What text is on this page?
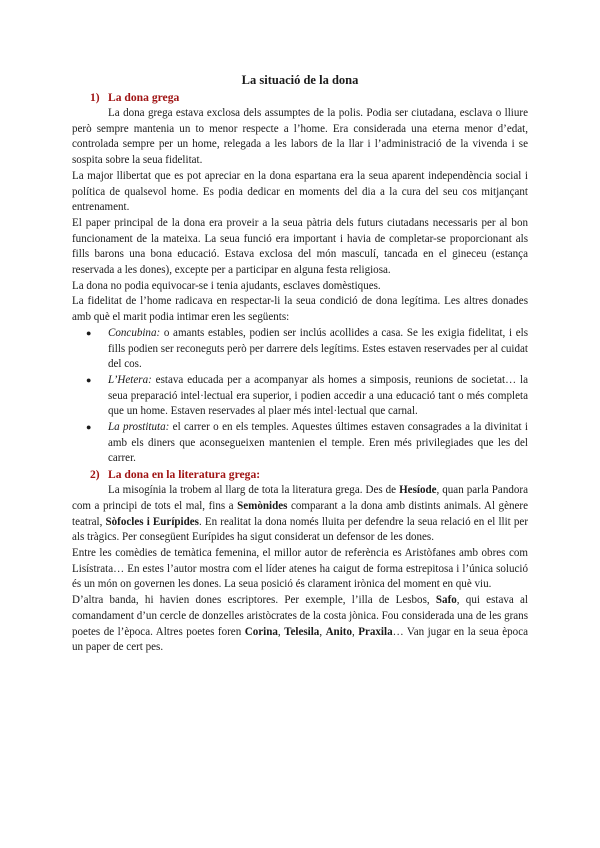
La situació de la dona
1) La dona grega

La dona grega estava exclosa dels assumptes de la polis. Podia ser ciutadana, esclava o lliure però sempre mantenia un to menor respecte a l’home. Era considerada una eterna menor d’edat, controlada sempre per un home, relegada a les labors de la llar i l’administració de la vivenda i se sospita sobre la seua fidelitat.

La major llibertat que es pot apreciar en la dona espartana era la seua aparent independència social i política de qualsevol home. Es podia dedicar en moments del dia a la cura del seu cos mitjançant entrenament.

El paper principal de la dona era proveir a la seua pàtria dels futurs ciutadans necessaris per al bon funcionament de la mateixa. La seua funció era important i havia de completar-se proporcionant als fills barons una bona educació. Estava exclosa del món masculí, tancada en el gineceu (estança reservada a les dones), excepte per a participar en alguna festa religiosa.

La dona no podia equivocar-se i tenia ajudants, esclaves domèstiques.

La fidelitat de l’home radicava en respectar-li la seua condició de dona legítima. Les altres donades amb què el marit podia intimar eren les següents:

● Concubina: o amants estables, podien ser inclús acollides a casa. Se les exigia fidelitat, i els fills podien ser reconeguts però per darrere dels legítims. Estes estaven reservades per al cuidat del cos.
● L’Hetera: estava educada per a acompanyar als homes a simposis, reunions de societat… la seua preparació intel·lectual era superior, i podien accedir a una educació tant o més completa que un home. Estaven reservades al plaer més intel·lectual que carnal.
● La prostituta: el carrer o en els temples. Aquestes últimes estaven consagrades a la divinitat i amb els diners que aconsegueixen mantenien el temple. Eren més privilegiades que les del carrer.
2) La dona en la literatura grega:

La misogínia la trobem al llarg de tota la literatura grega. Des de Hesíode, quan parla Pandora com a principi de tots el mal, fins a Semònides comparant a la dona amb distints animals. Al gènere teatral, Sòfocles i Eurípides. En realitat la dona només lluita per defendre la seua relació en el llit per als tràgics. Per consegüent Eurípides ha sigut considerat un defensor de les dones.

Entre les comèdies de temàtica femenina, el millor autor de referència es Aristòfanes amb obres com Lisístrata… En estes l’autor mostra com el líder atenes ha caigut de forma estrepitosa i l’única solució és un món on governen les dones. La seua posició és clarament irònica del moment en què viu.

D’altra banda, hi havien dones escriptores. Per exemple, l’illa de Lesbos, Safo, qui estava al comandament d’un cercle de donzelles aristòcrates de la costa jònica. Fou considerada una de les grans poetes de l’època. Altres poetes foren Corina, Telesila, Anito, Praxila… Van jugar en la seua època un paper de cert pes.
